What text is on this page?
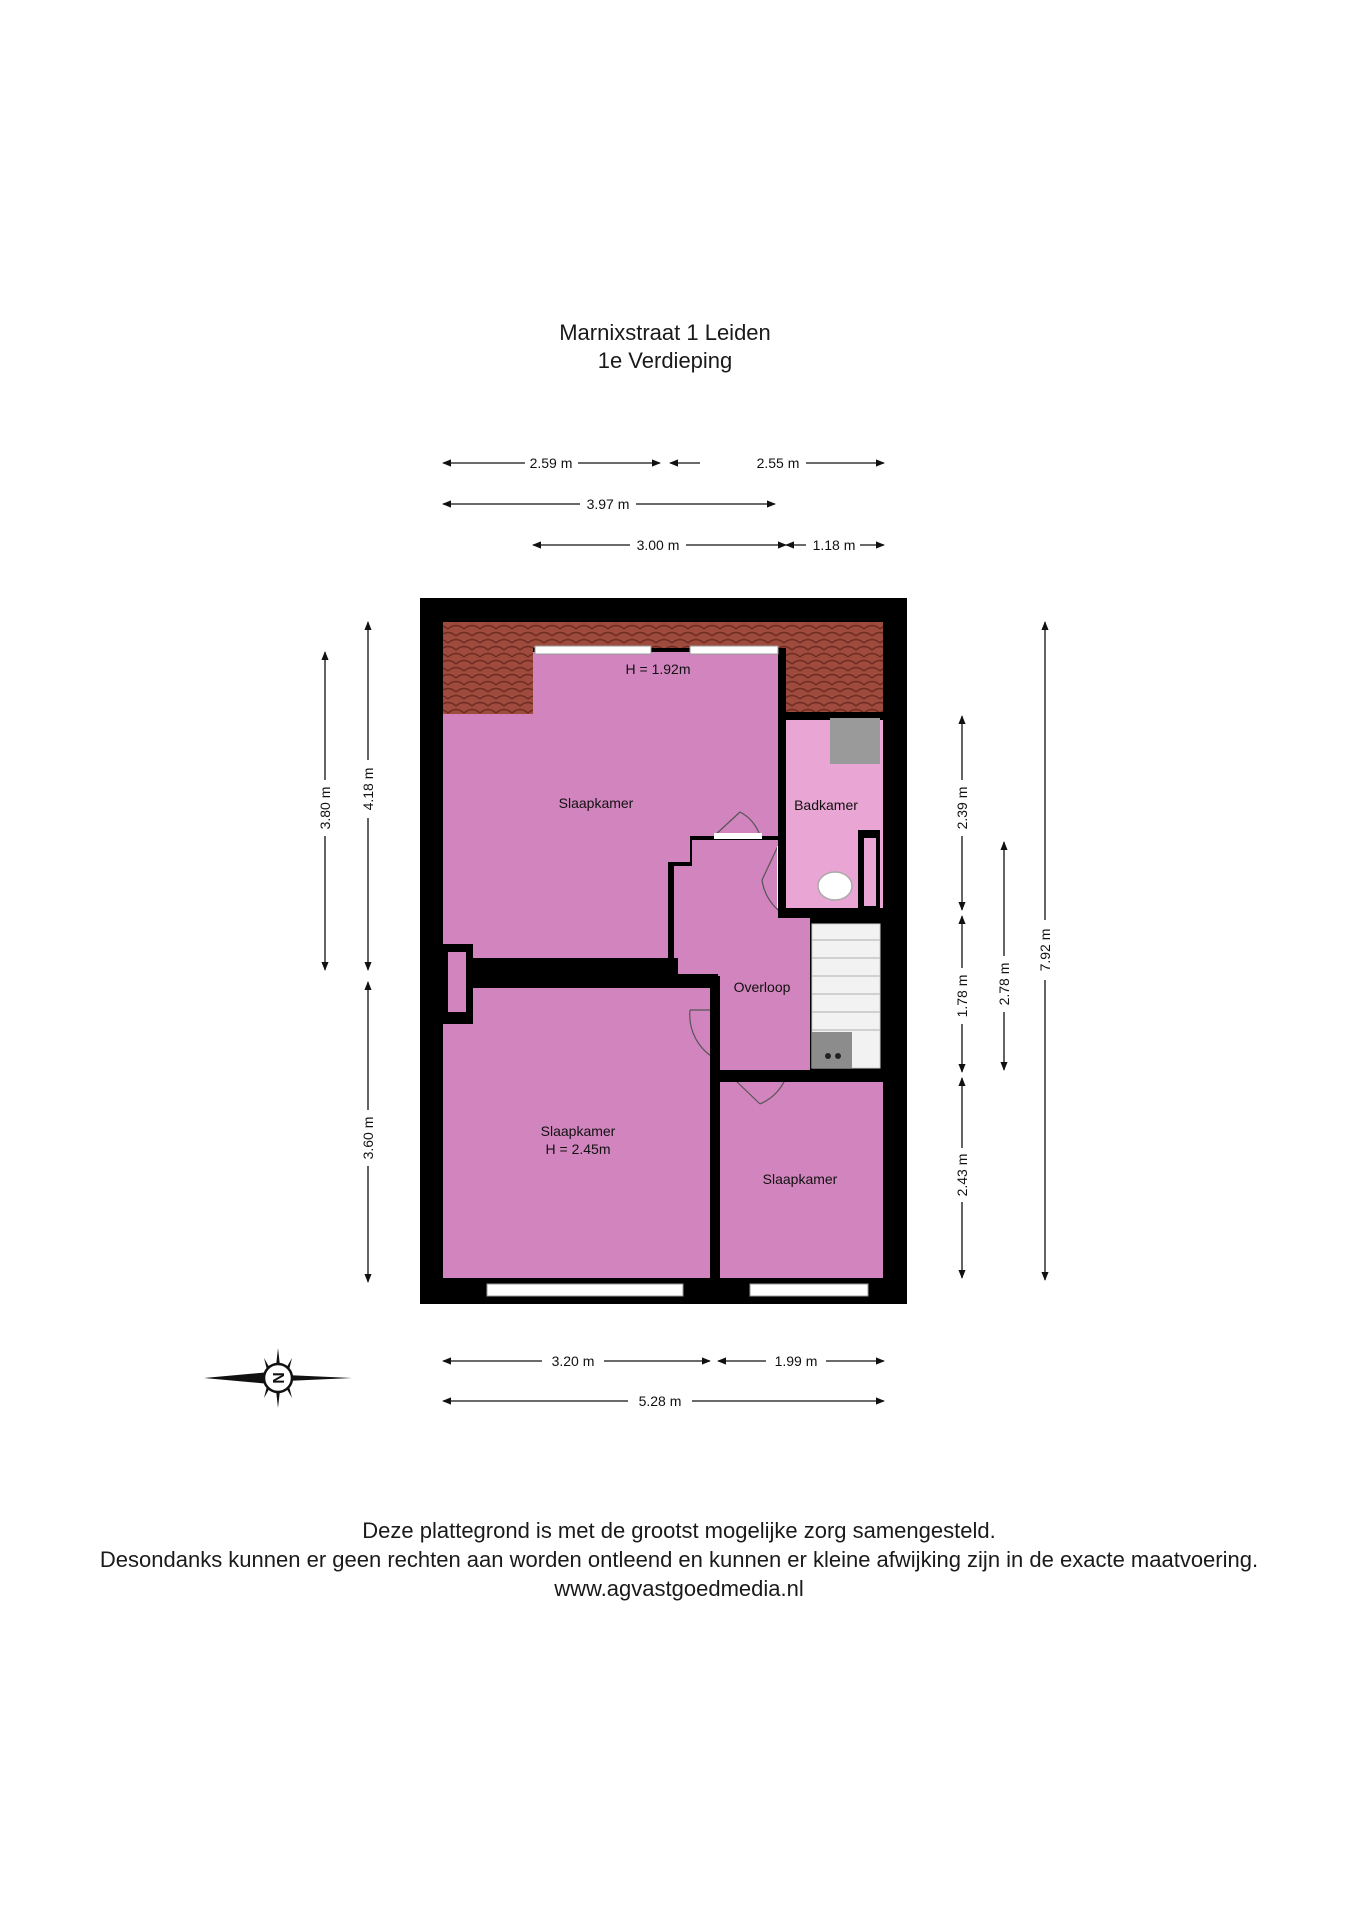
Marnixstraat 1 Leiden
1e Verdieping
Slaapkamer
H = 1.92m
Badkamer
Overloop
Slaapkamer
H = 2.45m
Slaapkamer
2.59 m	2.55 m
3.97 m
3.00 m	1.18 m
3.20 m	1.99 m
5.28 m
3.80 m 4.18 m
3.60 m
2.39 m
1.78 m
2.43 m
2.78 m
7.92 m
N
Deze plattegrond is met de grootst mogelijke zorg samengesteld.
Desondanks kunnen er geen rechten aan worden ontleend en kunnen er kleine afwijking zijn in de exacte maatvoering.
www.agvastgoedmedia.nl
